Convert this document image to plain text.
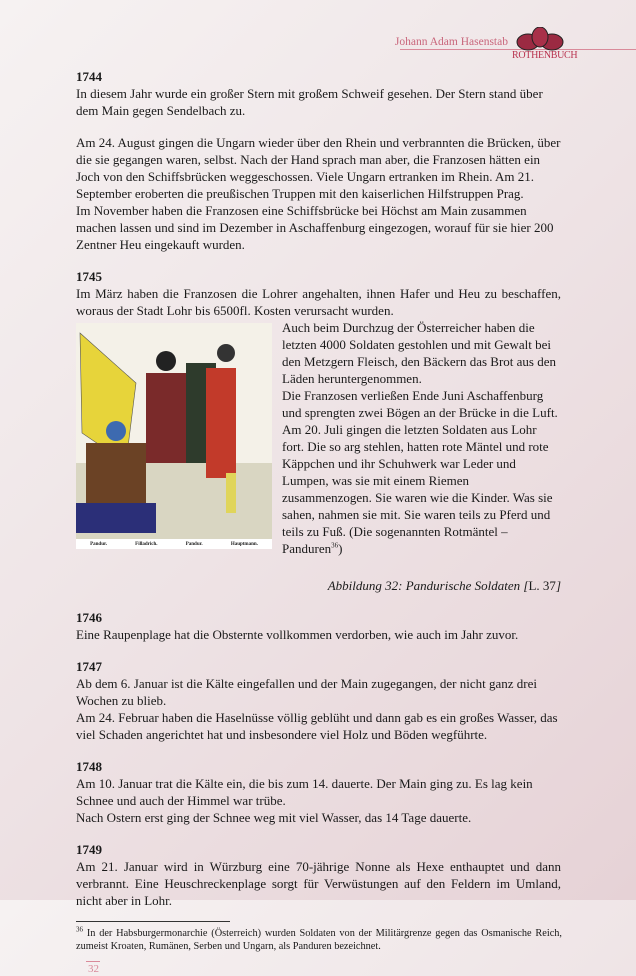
Johann Adam Hasenstab
ROTHENBUCH
1744

In diesem Jahr wurde ein großer Stern mit großem Schweif gesehen. Der Stern stand über dem Main gegen Sendelbach zu.

Am 24. August gingen die Ungarn wieder über den Rhein und verbrannten die Brücken, über die sie gegangen waren, selbst. Nach der Hand sprach man aber, die Franzosen hätten ein Joch von den Schiffsbrücken weggeschossen. Viele Ungarn ertranken im Rhein. Am 21. September eroberten die preußischen Truppen mit den kaiserlichen Hilfstruppen Prag.

Im November haben die Franzosen eine Schiffsbrücke bei Höchst am Main zusammen machen lassen und sind im Dezember in Aschaffenburg eingezogen, worauf für sie hier 200 Zentner Heu eingekauft wurden.

1745

Im März haben die Franzosen die Lohrer angehalten, ihnen Hafer und Heu zu beschaffen, woraus der Stadt Lohr bis 6500fl. Kosten verursacht wurden.

Pandur.	Filladrich.	Pandur.	Hauptmann.

Auch beim Durchzug der Österreicher haben die letzten 4000 Soldaten gestohlen und mit Gewalt bei den Metzgern Fleisch, den Bäckern das Brot aus den Läden heruntergenommen.

Die Franzosen verließen Ende Juni Aschaffenburg und sprengten zwei Bögen an der Brücke in die Luft.

Am 20. Juli gingen die letzten Soldaten aus Lohr fort. Die so arg stehlen, hatten rote Mäntel und rote Käppchen und ihr Schuhwerk war Leder und Lumpen, was sie mit einem Riemen zusammenzogen. Sie waren wie die Kinder. Was sie sahen, nahmen sie mit. Sie waren teils zu Pferd und teils zu Fuß. (Die sogenannten Rotmäntel – Panduren$^{36}$)

Abbildung 32: Pandurische Soldaten [L. 37]

1746

Eine Raupenplage hat die Obsternte vollkommen verdorben, wie auch im Jahr zuvor.

1747

Ab dem 6. Januar ist die Kälte eingefallen und der Main zugegangen, der nicht ganz drei Wochen zu blieb.

Am 24. Februar haben die Haselnüsse völlig geblüht und dann gab es ein großes Wasser, das viel Schaden angerichtet hat und insbesondere viel Holz und Böden wegführte.

1748

Am 10. Januar trat die Kälte ein, die bis zum 14. dauerte. Der Main ging zu. Es lag kein Schnee und auch der Himmel war trübe.

Nach Ostern erst ging der Schnee weg mit viel Wasser, das 14 Tage dauerte.

1749

Am 21. Januar wird in Würzburg eine 70-jährige Nonne als Hexe enthauptet und dann verbrannt. Eine Heuschreckenplage sorgt für Verwüstungen auf den Feldern im Umland, nicht aber in Lohr.

$^{36}$ In der Habsburgermonarchie (Österreich) wurden Soldaten von der Militärgrenze gegen das Osmanische Reich, zumeist Kroaten, Rumänen, Serben und Ungarn, als Panduren bezeichnet.
32
